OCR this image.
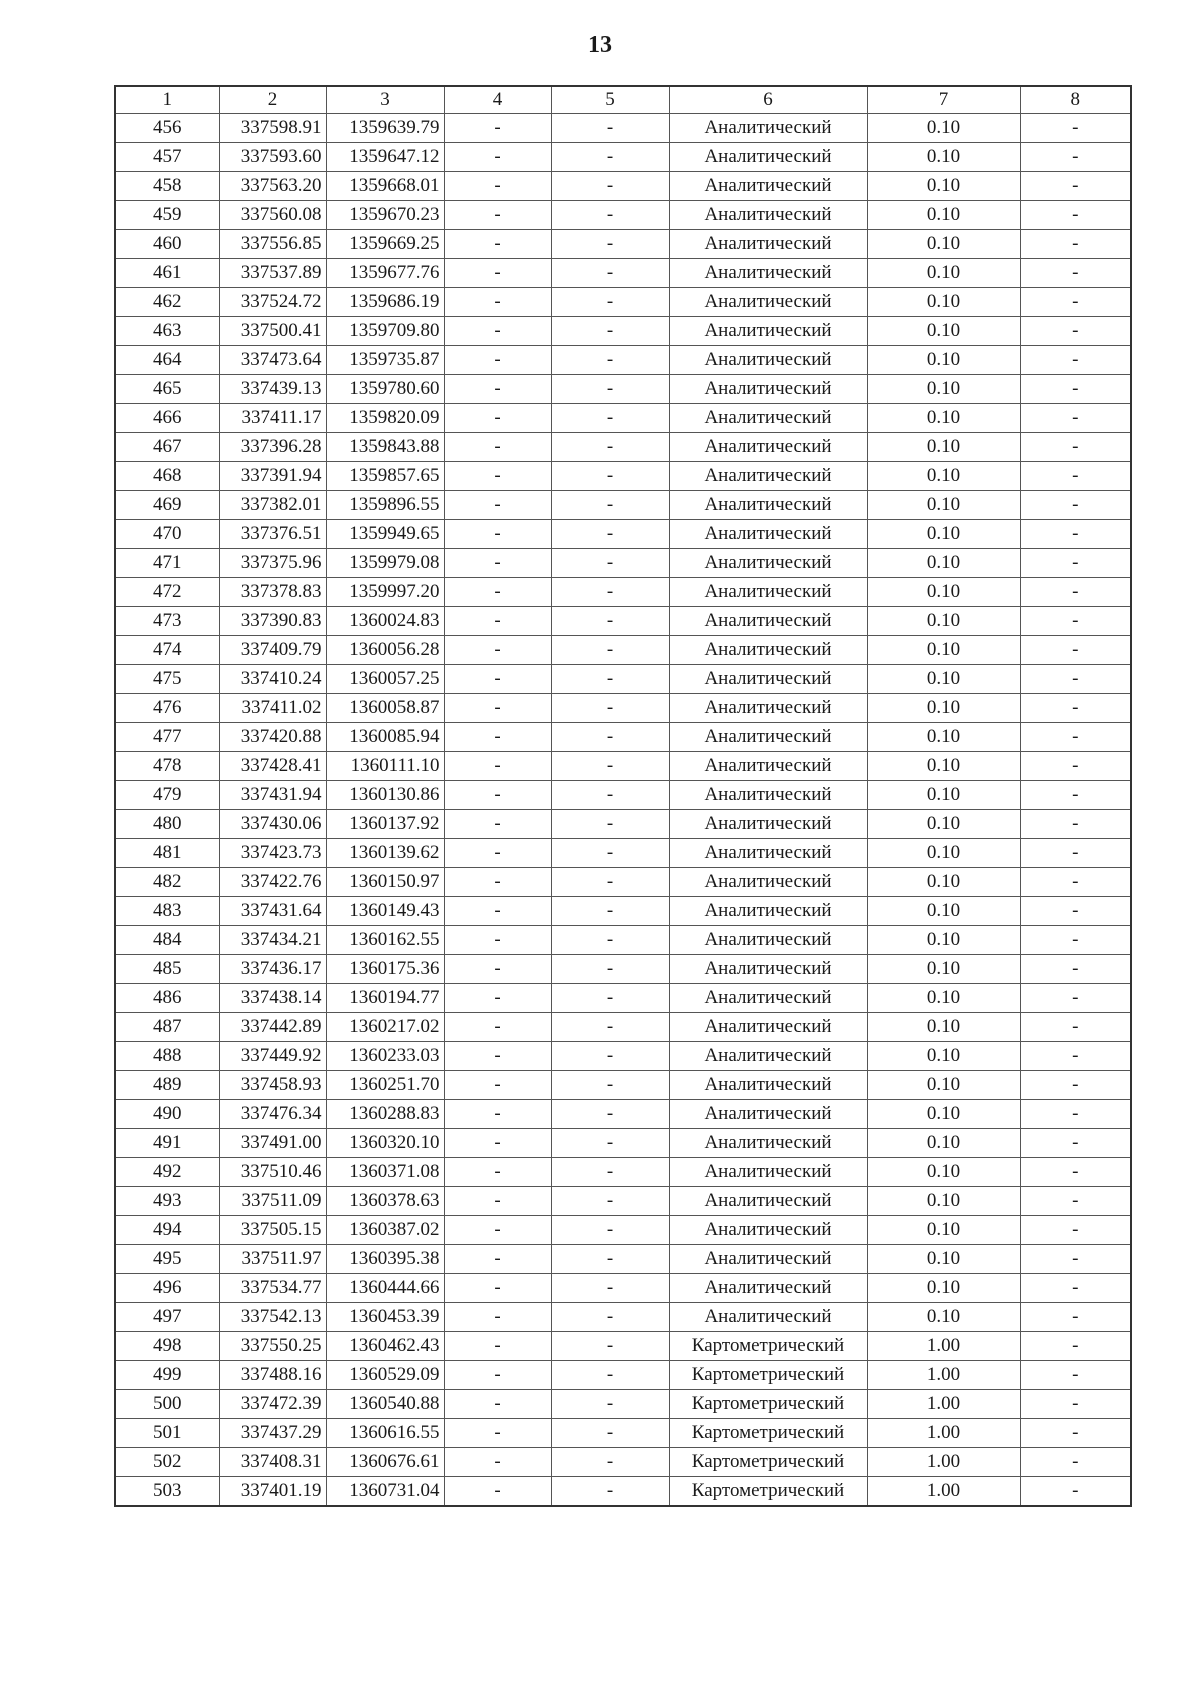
13
1	2	3	4	5	6	7	8
456	337598.91	1359639.79	-	-	Аналитический	0.10	-
457	337593.60	1359647.12	-	-	Аналитический	0.10	-
458	337563.20	1359668.01	-	-	Аналитический	0.10	-
459	337560.08	1359670.23	-	-	Аналитический	0.10	-
460	337556.85	1359669.25	-	-	Аналитический	0.10	-
461	337537.89	1359677.76	-	-	Аналитический	0.10	-
462	337524.72	1359686.19	-	-	Аналитический	0.10	-
463	337500.41	1359709.80	-	-	Аналитический	0.10	-
464	337473.64	1359735.87	-	-	Аналитический	0.10	-
465	337439.13	1359780.60	-	-	Аналитический	0.10	-
466	337411.17	1359820.09	-	-	Аналитический	0.10	-
467	337396.28	1359843.88	-	-	Аналитический	0.10	-
468	337391.94	1359857.65	-	-	Аналитический	0.10	-
469	337382.01	1359896.55	-	-	Аналитический	0.10	-
470	337376.51	1359949.65	-	-	Аналитический	0.10	-
471	337375.96	1359979.08	-	-	Аналитический	0.10	-
472	337378.83	1359997.20	-	-	Аналитический	0.10	-
473	337390.83	1360024.83	-	-	Аналитический	0.10	-
474	337409.79	1360056.28	-	-	Аналитический	0.10	-
475	337410.24	1360057.25	-	-	Аналитический	0.10	-
476	337411.02	1360058.87	-	-	Аналитический	0.10	-
477	337420.88	1360085.94	-	-	Аналитический	0.10	-
478	337428.41	1360111.10	-	-	Аналитический	0.10	-
479	337431.94	1360130.86	-	-	Аналитический	0.10	-
480	337430.06	1360137.92	-	-	Аналитический	0.10	-
481	337423.73	1360139.62	-	-	Аналитический	0.10	-
482	337422.76	1360150.97	-	-	Аналитический	0.10	-
483	337431.64	1360149.43	-	-	Аналитический	0.10	-
484	337434.21	1360162.55	-	-	Аналитический	0.10	-
485	337436.17	1360175.36	-	-	Аналитический	0.10	-
486	337438.14	1360194.77	-	-	Аналитический	0.10	-
487	337442.89	1360217.02	-	-	Аналитический	0.10	-
488	337449.92	1360233.03	-	-	Аналитический	0.10	-
489	337458.93	1360251.70	-	-	Аналитический	0.10	-
490	337476.34	1360288.83	-	-	Аналитический	0.10	-
491	337491.00	1360320.10	-	-	Аналитический	0.10	-
492	337510.46	1360371.08	-	-	Аналитический	0.10	-
493	337511.09	1360378.63	-	-	Аналитический	0.10	-
494	337505.15	1360387.02	-	-	Аналитический	0.10	-
495	337511.97	1360395.38	-	-	Аналитический	0.10	-
496	337534.77	1360444.66	-	-	Аналитический	0.10	-
497	337542.13	1360453.39	-	-	Аналитический	0.10	-
498	337550.25	1360462.43	-	-	Картометрический	1.00	-
499	337488.16	1360529.09	-	-	Картометрический	1.00	-
500	337472.39	1360540.88	-	-	Картометрический	1.00	-
501	337437.29	1360616.55	-	-	Картометрический	1.00	-
502	337408.31	1360676.61	-	-	Картометрический	1.00	-
503	337401.19	1360731.04	-	-	Картометрический	1.00	-
